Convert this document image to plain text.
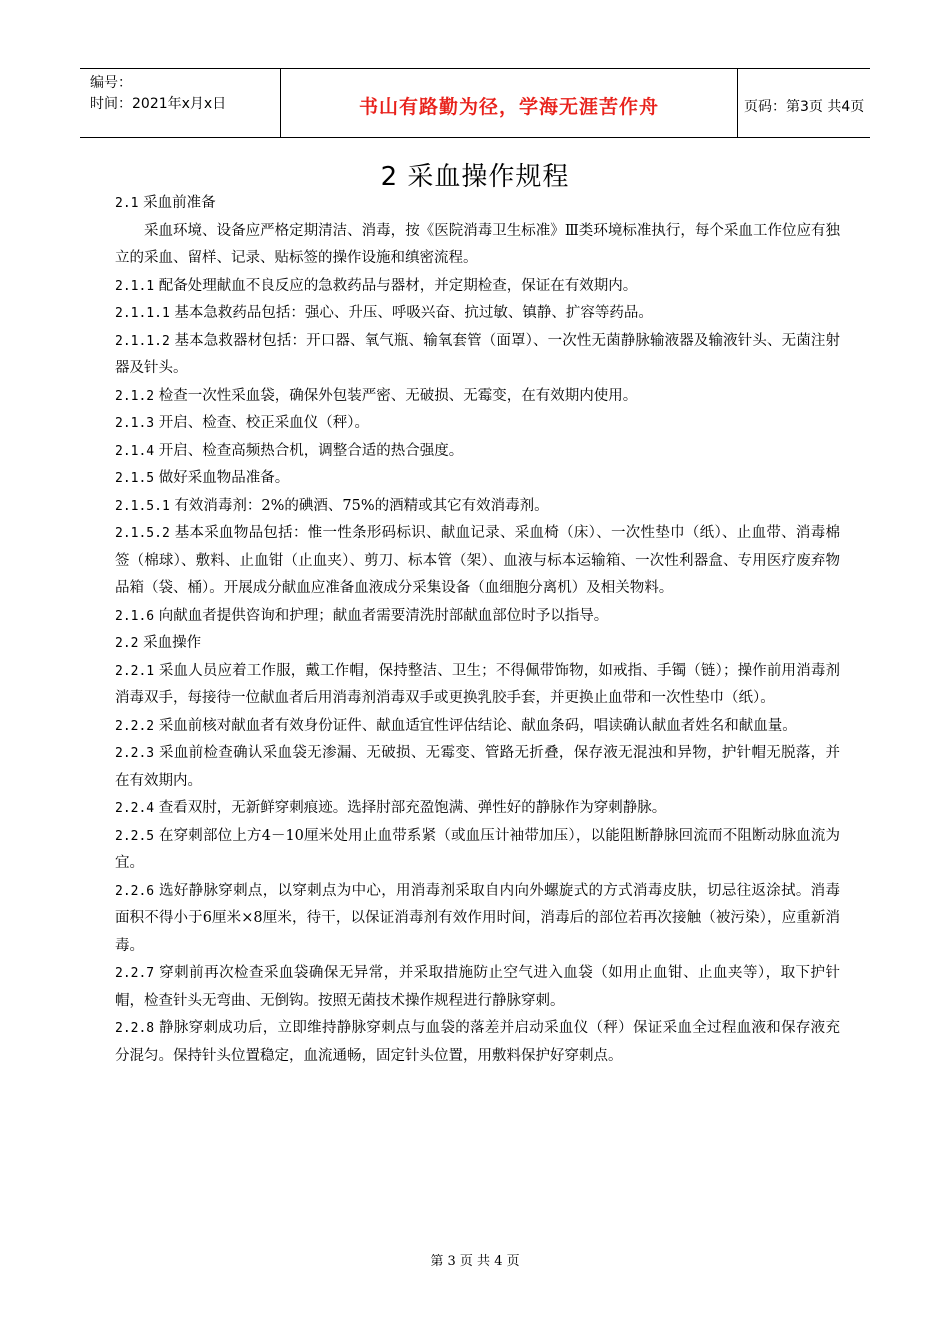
编号：
时间：2021年x月x日	书山有路勤为径，学海无涯苦作舟	页码：第3页 共4页
2 采血操作规程

2.1 采血前准备

采血环境、设备应严格定期清洁、消毒，按《医院消毒卫生标准》Ⅲ类环境标准执行，每个采血工作位应有独立的采血、留样、记录、贴标签的操作设施和缜密流程。

2.1.1 配备处理献血不良反应的急救药品与器材，并定期检查，保证在有效期内。

2.1.1.1 基本急救药品包括：强心、升压、呼吸兴奋、抗过敏、镇静、扩容等药品。

2.1.1.2 基本急救器材包括：开口器、氧气瓶、输氧套管（面罩）、一次性无菌静脉输液器及输液针头、无菌注射器及针头。

2.1.2 检查一次性采血袋，确保外包装严密、无破损、无霉变，在有效期内使用。

2.1.3 开启、检查、校正采血仪（秤）。

2.1.4 开启、检查高频热合机，调整合适的热合强度。

2.1.5 做好采血物品准备。

2.1.5.1 有效消毒剂：2%的碘酒、75%的酒精或其它有效消毒剂。

2.1.5.2 基本采血物品包括：惟一性条形码标识、献血记录、采血椅（床）、一次性垫巾（纸）、止血带、消毒棉签（棉球）、敷料、止血钳（止血夹）、剪刀、标本管（架）、血液与标本运输箱、一次性利器盒、专用医疗废弃物品箱（袋、桶）。开展成分献血应准备血液成分采集设备（血细胞分离机）及相关物料。

2.1.6 向献血者提供咨询和护理；献血者需要清洗肘部献血部位时予以指导。

2.2 采血操作

2.2.1 采血人员应着工作服，戴工作帽，保持整洁、卫生；不得佩带饰物，如戒指、手镯（链）；操作前用消毒剂消毒双手，每接待一位献血者后用消毒剂消毒双手或更换乳胶手套，并更换止血带和一次性垫巾（纸）。

2.2.2 采血前核对献血者有效身份证件、献血适宜性评估结论、献血条码，唱读确认献血者姓名和献血量。

2.2.3 采血前检查确认采血袋无渗漏、无破损、无霉变、管路无折叠，保存液无混浊和异物，护针帽无脱落，并在有效期内。

2.2.4 查看双肘，无新鲜穿刺痕迹。选择肘部充盈饱满、弹性好的静脉作为穿刺静脉。

2.2.5 在穿刺部位上方4－10厘米处用止血带系紧（或血压计袖带加压），以能阻断静脉回流而不阻断动脉血流为宜。

2.2.6 选好静脉穿刺点，以穿刺点为中心，用消毒剂采取自内向外螺旋式的方式消毒皮肤，切忌往返涂拭。消毒面积不得小于6厘米×8厘米，待干，以保证消毒剂有效作用时间，消毒后的部位若再次接触（被污染），应重新消毒。

2.2.7 穿刺前再次检查采血袋确保无异常，并采取措施防止空气进入血袋（如用止血钳、止血夹等），取下护针帽，检查针头无弯曲、无倒钩。按照无菌技术操作规程进行静脉穿刺。

2.2.8 静脉穿刺成功后，立即维持静脉穿刺点与血袋的落差并启动采血仪（秤）保证采血全过程血液和保存液充分混匀。保持针头位置稳定，血流通畅，固定针头位置，用敷料保护好穿刺点。

第 3 页 共 4 页
